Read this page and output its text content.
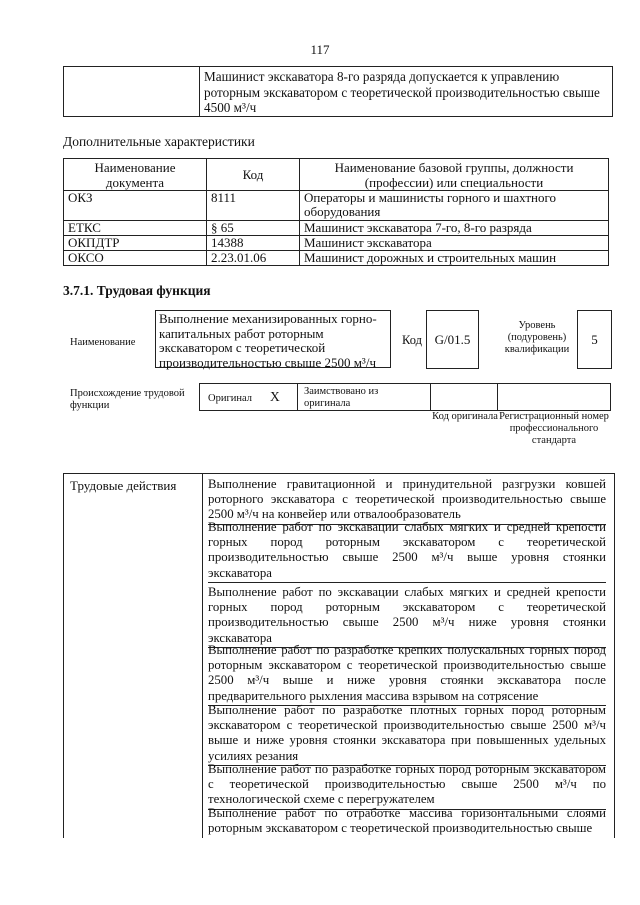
117
Машинист экскаватора 8-го разряда допускается к управлению роторным экскаватором с теоретической производительностью свыше 4500 м³/ч
Дополнительные характеристики
Наименование документа	Код	Наименование базовой группы, должности (профессии) или специальности
ОКЗ	8111	Операторы и машинисты горного и шахтного оборудования
ЕТКС	§ 65	Машинист экскаватора 7-го, 8-го разряда
ОКПДТР	14388	Машинист экскаватора
ОКСО	2.23.01.06	Машинист дорожных и строительных машин
3.7.1. Трудовая функция
Наименование
Выполнение механизированных горно-капитальных работ роторным экскаватором с теоретической производительностью свыше 2500 м³/ч
Код G/01.5
Уровень (подуровень) квалификации
5
Происхождение трудовой функции
Оригинал X Заимствовано из оригинала
Код оригинала Регистрационный номер профессионального стандарта
Трудовые действия Выполнение гравитационной и принудительной разгрузки ковшей роторного экскаватора с теоретической производительностью свыше 2500 м³/ч на конвейер или отвалообразователь
Выполнение работ по экскавации слабых мягких и средней крепости горных пород роторным экскаватором с теоретической производительностью свыше 2500 м³/ч выше уровня стоянки экскаватора
Выполнение работ по экскавации слабых мягких и средней крепости горных пород роторным экскаватором с теоретической производительностью свыше 2500 м³/ч ниже уровня стоянки экскаватора
Выполнение работ по разработке крепких полускальных горных пород роторным экскаватором с теоретической производительностью свыше 2500 м³/ч выше и ниже уровня стоянки экскаватора после предварительного рыхления массива взрывом на сотрясение
Выполнение работ по разработке плотных горных пород роторным экскаватором с теоретической производительностью свыше 2500 м³/ч выше и ниже уровня стоянки экскаватора при повышенных удельных усилиях резания
Выполнение работ по разработке горных пород роторным экскаватором с теоретической производительностью свыше 2500 м³/ч по технологической схеме с перегружателем
Выполнение работ по отработке массива горизонтальными слоями роторным экскаватором с теоретической производительностью свыше
